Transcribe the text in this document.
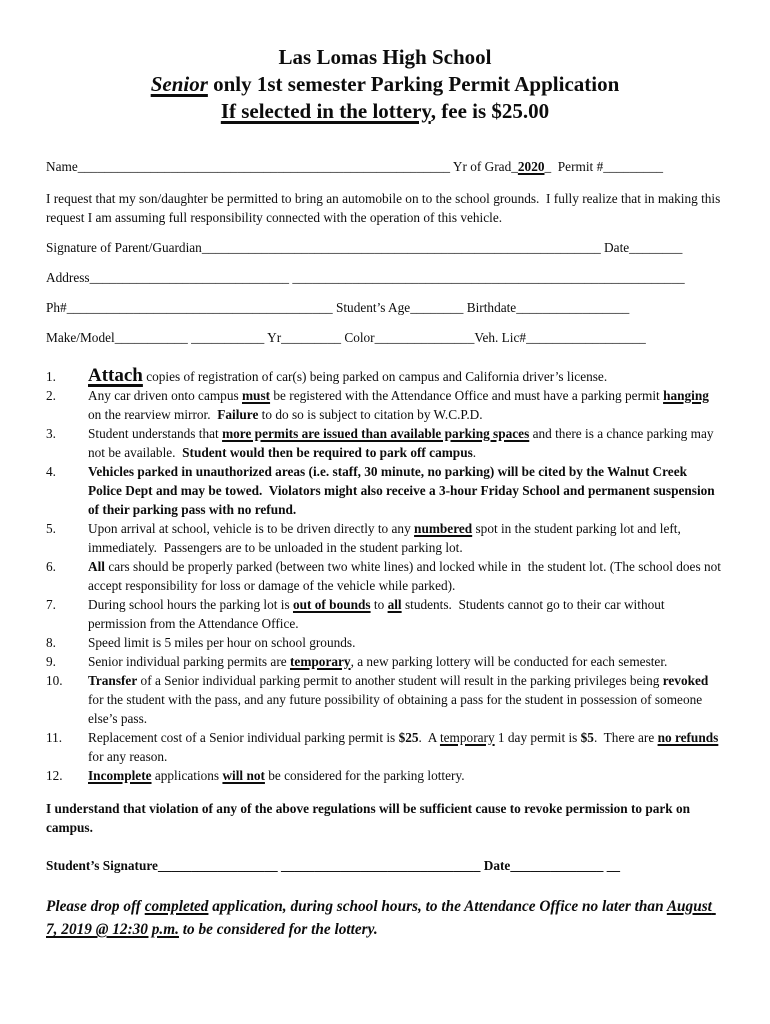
Las Lomas High School
Senior only 1st semester Parking Permit Application
If selected in the lottery, fee is $25.00
Name________________________________________________________ Yr of Grad_2020_  Permit #_________

I request that my son/daughter be permitted to bring an automobile on to the school grounds.  I fully realize that in making this request I am assuming full responsibility connected with the operation of this vehicle.

Signature of Parent/Guardian____________________________________________________________ Date________
Address______________________________ ___________________________________________________________
Ph#________________________________________ Student’s Age________ Birthdate_________________
Make/Model___________ ___________ Yr_________ Color_______________Veh. Lic#__________________
1.	Attach copies of registration of car(s) being parked on campus and California driver’s license.
2.	Any car driven onto campus must be registered with the Attendance Office and must have a parking permit hanging on the rearview mirror.  Failure to do so is subject to citation by W.C.P.D.
3.	Student understands that more permits are issued than available parking spaces and there is a chance parking may not be available.  Student would then be required to park off campus.
4.	Vehicles parked in unauthorized areas (i.e. staff, 30 minute, no parking) will be cited by the Walnut Creek Police Dept and may be towed.  Violators might also receive a 3-hour Friday School and permanent suspension of their parking pass with no refund.
5.	Upon arrival at school, vehicle is to be driven directly to any numbered spot in the student parking lot and left, immediately.  Passengers are to be unloaded in the student parking lot.
6.	All cars should be properly parked (between two white lines) and locked while in  the student lot. (The school does not accept responsibility for loss or damage of the vehicle while parked).
7.	During school hours the parking lot is out of bounds to all students.  Students cannot go to their car without permission from the Attendance Office.
8.	Speed limit is 5 miles per hour on school grounds.
9.	Senior individual parking permits are temporary, a new parking lottery will be conducted for each semester.
10.	Transfer of a Senior individual parking permit to another student will result in the parking privileges being revoked for the student with the pass, and any future possibility of obtaining a pass for the student in possession of someone else’s pass.
11.	Replacement cost of a Senior individual parking permit is $25.  A temporary 1 day permit is $5.  There are no refunds for any reason.
12.	Incomplete applications will not be considered for the parking lottery.

I understand that violation of any of the above regulations will be sufficient cause to revoke permission to park on campus.

Student’s Signature__________________ ______________________________ Date______________ __

Please drop off completed application, during school hours, to the Attendance Office no later than August 7, 2019 @ 12:30 p.m. to be considered for the lottery.
